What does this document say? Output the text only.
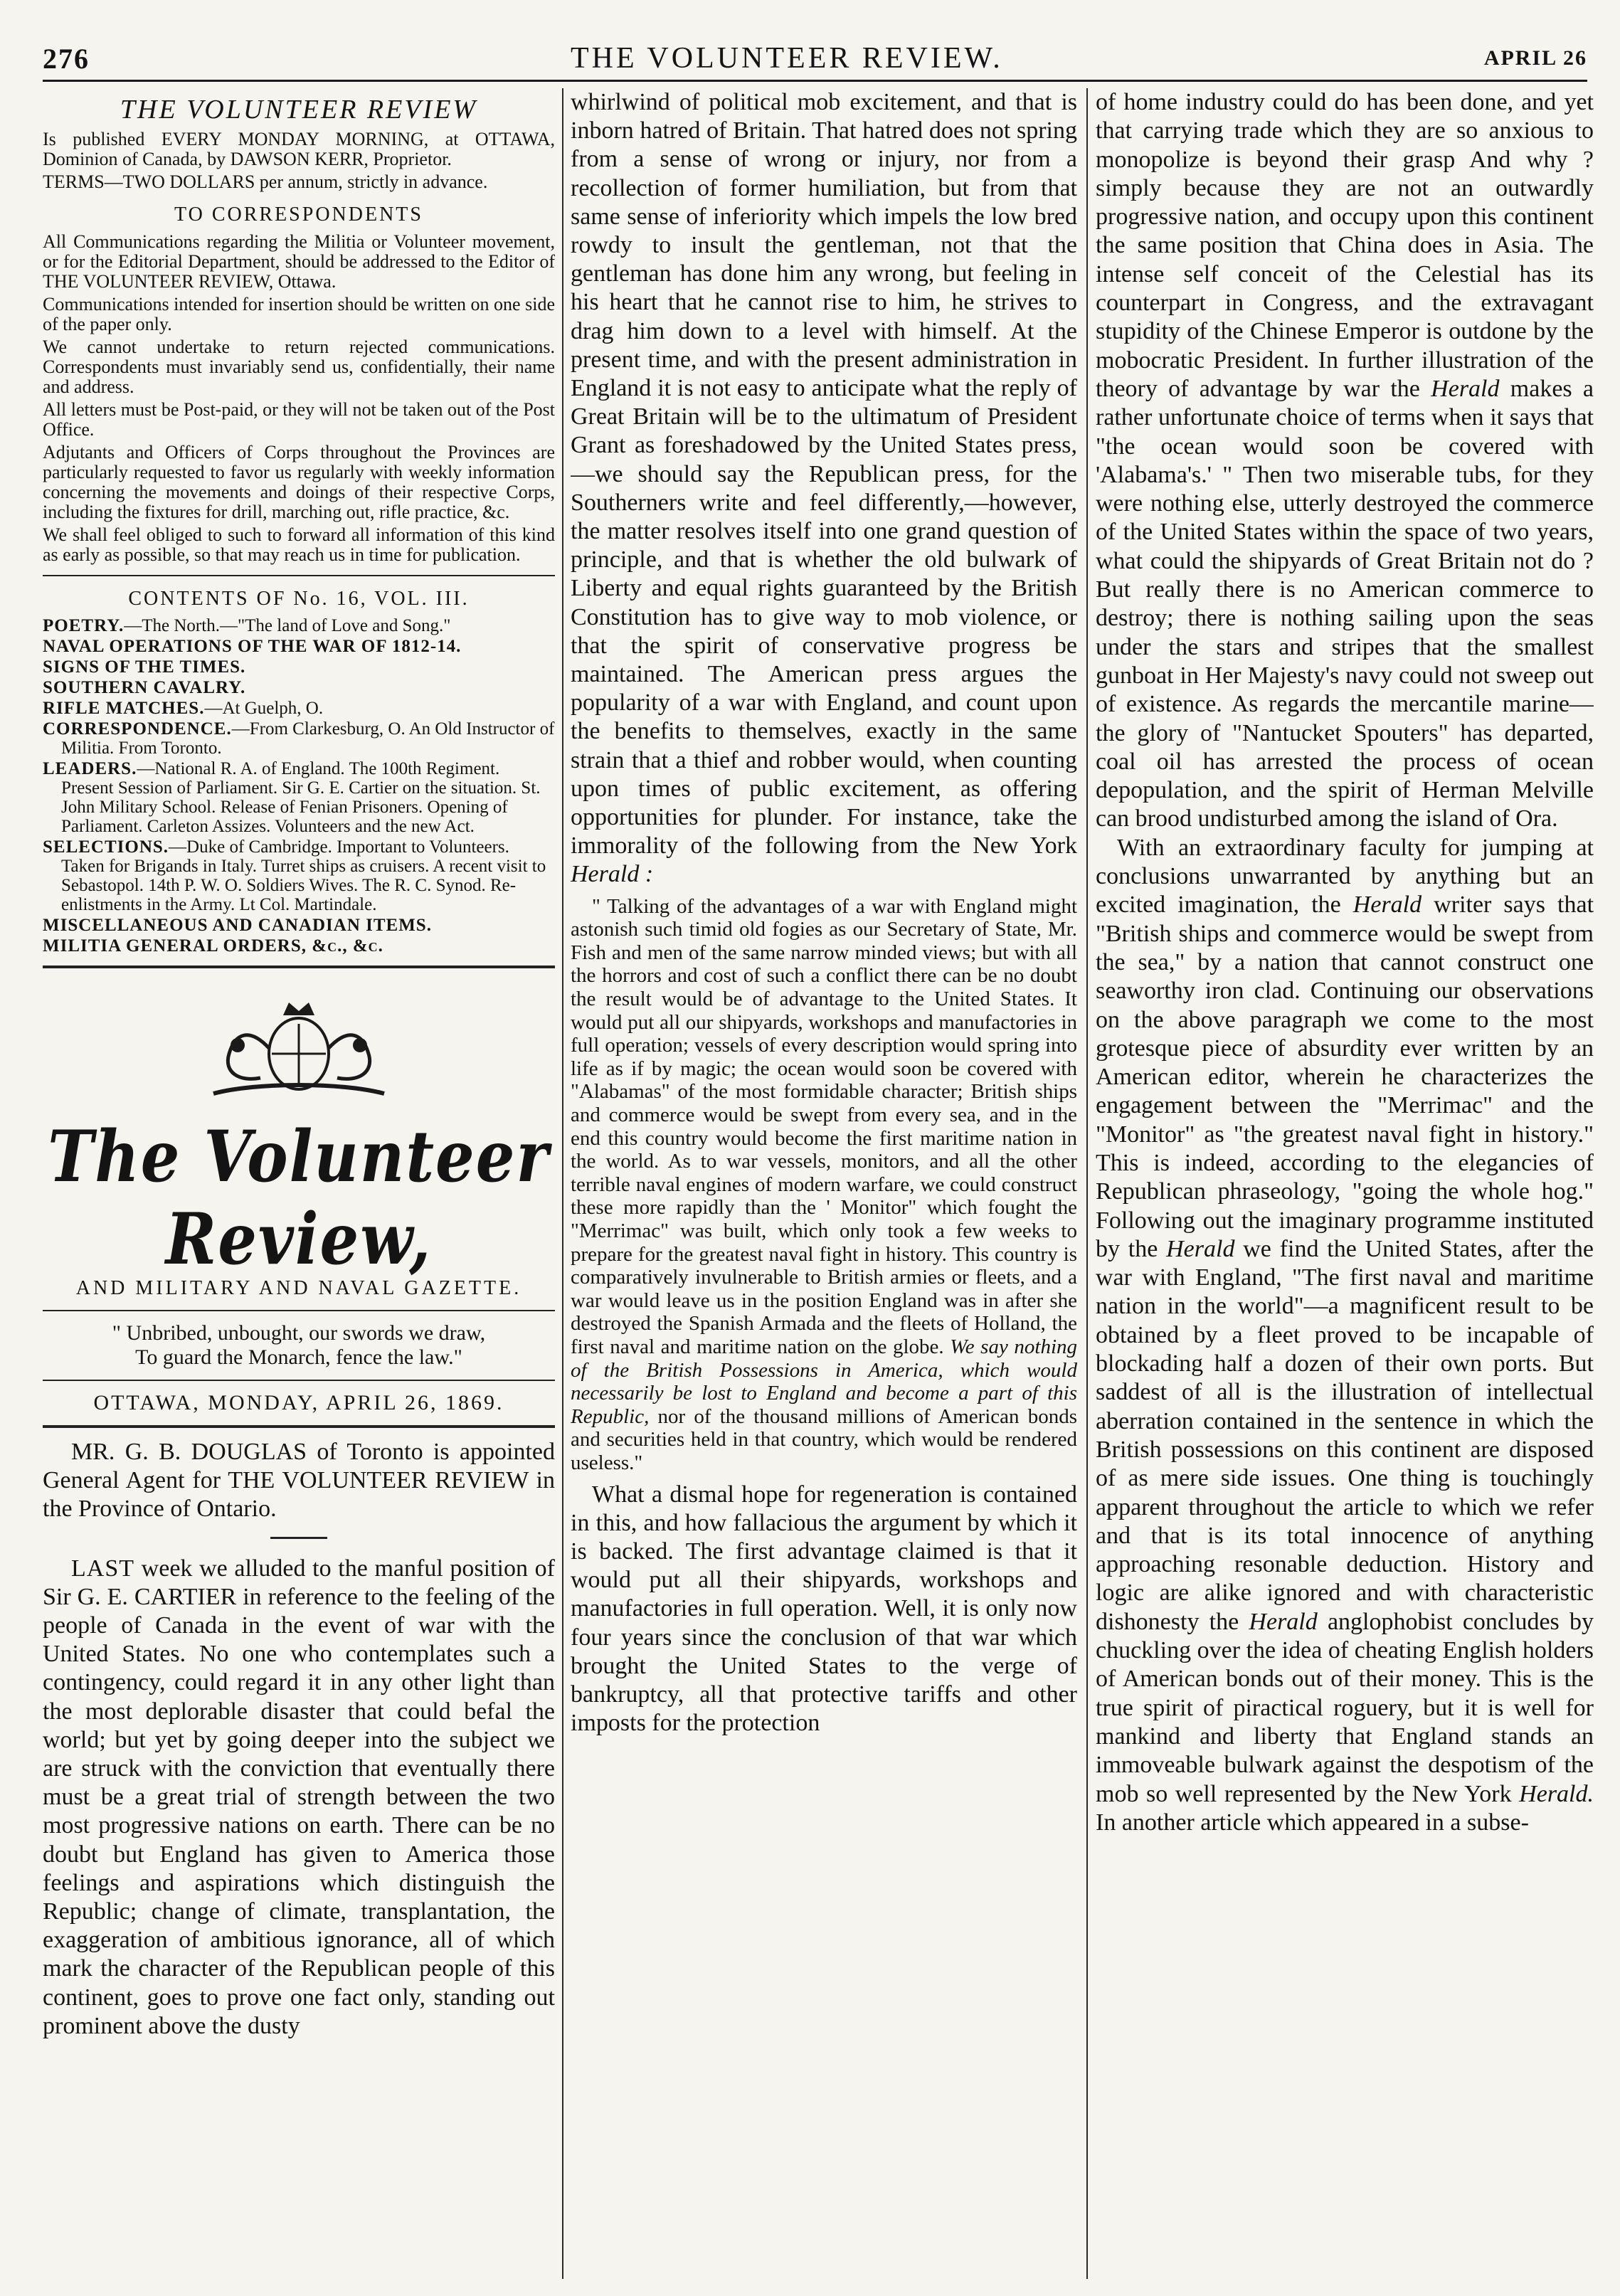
276	THE VOLUNTEER REVIEW.	APRIL 26
THE VOLUNTEER REVIEW

Is published EVERY MONDAY MORNING, at OTTAWA, Dominion of Canada, by DAWSON KERR, Proprietor.

TERMS—TWO DOLLARS per annum, strictly in advance.

TO CORRESPONDENTS

All Communications regarding the Militia or Volunteer movement, or for the Editorial Department, should be addressed to the Editor of THE VOLUNTEER REVIEW, Ottawa.

Communications intended for insertion should be written on one side of the paper only.

We cannot undertake to return rejected communications. Correspondents must invariably send us, confidentially, their name and address.

All letters must be Post-paid, or they will not be taken out of the Post Office.

Adjutants and Officers of Corps throughout the Provinces are particularly requested to favor us regularly with weekly information concerning the movements and doings of their respective Corps, including the fixtures for drill, marching out, rifle practice, &c.

We shall feel obliged to such to forward all information of this kind as early as possible, so that may reach us in time for publication.

CONTENTS OF No. 16, VOL. III.

POETRY.—The North.—"The land of Love and Song."

NAVAL OPERATIONS OF THE WAR OF 1812-14.

SIGNS OF THE TIMES.

SOUTHERN CAVALRY.

RIFLE MATCHES.—At Guelph, O.

CORRESPONDENCE.—From Clarkesburg, O. An Old Instructor of Militia. From Toronto.

LEADERS.—National R. A. of England. The 100th Regiment. Present Session of Parliament. Sir G. E. Cartier on the situation. St. John Military School. Release of Fenian Prisoners. Opening of Parliament. Carleton Assizes. Volunteers and the new Act.

SELECTIONS.—Duke of Cambridge. Important to Volunteers. Taken for Brigands in Italy. Turret ships as cruisers. A recent visit to Sebastopol. 14th P. W. O. Soldiers Wives. The R. C. Synod. Re-enlistments in the Army. Lt Col. Martindale.

MISCELLANEOUS AND CANADIAN ITEMS.

MILITIA GENERAL ORDERS, &c., &c.

The Volunteer Review,
AND MILITARY AND NAVAL GAZETTE.
" Unbribed, unbought, our swords we draw,
To guard the Monarch, fence the law."
OTTAWA, MONDAY, APRIL 26, 1869.

MR. G. B. DOUGLAS of Toronto is appointed General Agent for THE VOLUNTEER REVIEW in the Province of Ontario.

LAST week we alluded to the manful position of Sir G. E. CARTIER in reference to the feeling of the people of Canada in the event of war with the United States. No one who contemplates such a contingency, could regard it in any other light than the most deplorable disaster that could befal the world; but yet by going deeper into the subject we are struck with the conviction that eventually there must be a great trial of strength between the two most progressive nations on earth. There can be no doubt but England has given to America those feelings and aspirations which distinguish the Republic; change of climate, transplantation, the exaggeration of ambitious ignorance, all of which mark the character of the Republican people of this continent, goes to prove one fact only, standing out prominent above the dusty

whirlwind of political mob excitement, and that is inborn hatred of Britain. That hatred does not spring from a sense of wrong or injury, nor from a recollection of former humiliation, but from that same sense of inferiority which impels the low bred rowdy to insult the gentleman, not that the gentleman has done him any wrong, but feeling in his heart that he cannot rise to him, he strives to drag him down to a level with himself. At the present time, and with the present administration in England it is not easy to anticipate what the reply of Great Britain will be to the ultimatum of President Grant as foreshadowed by the United States press,—we should say the Republican press, for the Southerners write and feel differently,—however, the matter resolves itself into one grand question of principle, and that is whether the old bulwark of Liberty and equal rights guaranteed by the British Constitution has to give way to mob violence, or that the spirit of conservative progress be maintained. The American press argues the popularity of a war with England, and count upon the benefits to themselves, exactly in the same strain that a thief and robber would, when counting upon times of public excitement, as offering opportunities for plunder. For instance, take the immorality of the following from the New York Herald :

" Talking of the advantages of a war with England might astonish such timid old fogies as our Secretary of State, Mr. Fish and men of the same narrow minded views; but with all the horrors and cost of such a conflict there can be no doubt the result would be of advantage to the United States. It would put all our shipyards, workshops and manufactories in full operation; vessels of every description would spring into life as if by magic; the ocean would soon be covered with "Alabamas" of the most formidable character; British ships and commerce would be swept from every sea, and in the end this country would become the first maritime nation in the world. As to war vessels, monitors, and all the other terrible naval engines of modern warfare, we could construct these more rapidly than the ' Monitor" which fought the "Merrimac" was built, which only took a few weeks to prepare for the greatest naval fight in history. This country is comparatively invulnerable to British armies or fleets, and a war would leave us in the position England was in after she destroyed the Spanish Armada and the fleets of Holland, the first naval and maritime nation on the globe. We say nothing of the British Possessions in America, which would necessarily be lost to England and become a part of this Republic, nor of the thousand millions of American bonds and securities held in that country, which would be rendered useless."

What a dismal hope for regeneration is contained in this, and how fallacious the argument by which it is backed. The first advantage claimed is that it would put all their shipyards, workshops and manufactories in full operation. Well, it is only now four years since the conclusion of that war which brought the United States to the verge of bankruptcy, all that protective tariffs and other imposts for the protection

of home industry could do has been done, and yet that carrying trade which they are so anxious to monopolize is beyond their grasp And why ? simply because they are not an outwardly progressive nation, and occupy upon this continent the same position that China does in Asia. The intense self conceit of the Celestial has its counterpart in Congress, and the extravagant stupidity of the Chinese Emperor is outdone by the mobocratic President. In further illustration of the theory of advantage by war the Herald makes a rather unfortunate choice of terms when it says that "the ocean would soon be covered with 'Alabama's.' " Then two miserable tubs, for they were nothing else, utterly destroyed the commerce of the United States within the space of two years, what could the shipyards of Great Britain not do ? But really there is no American commerce to destroy; there is nothing sailing upon the seas under the stars and stripes that the smallest gunboat in Her Majesty's navy could not sweep out of existence. As regards the mercantile marine—the glory of "Nantucket Spouters" has departed, coal oil has arrested the process of ocean depopulation, and the spirit of Herman Melville can brood undisturbed among the island of Ora.

With an extraordinary faculty for jumping at conclusions unwarranted by anything but an excited imagination, the Herald writer says that "British ships and commerce would be swept from the sea," by a nation that cannot construct one seaworthy iron clad. Continuing our observations on the above paragraph we come to the most grotesque piece of absurdity ever written by an American editor, wherein he characterizes the engagement between the "Merrimac" and the "Monitor" as "the greatest naval fight in history." This is indeed, according to the elegancies of Republican phraseology, "going the whole hog." Following out the imaginary programme instituted by the Herald we find the United States, after the war with England, "The first naval and maritime nation in the world"—a magnificent result to be obtained by a fleet proved to be incapable of blockading half a dozen of their own ports. But saddest of all is the illustration of intellectual aberration contained in the sentence in which the British possessions on this continent are disposed of as mere side issues. One thing is touchingly apparent throughout the article to which we refer and that is its total innocence of anything approaching resonable deduction. History and logic are alike ignored and with characteristic dishonesty the Herald anglophobist concludes by chuckling over the idea of cheating English holders of American bonds out of their money. This is the true spirit of piractical roguery, but it is well for mankind and liberty that England stands an immoveable bulwark against the despotism of the mob so well represented by the New York Herald. In another article which appeared in a subse-
